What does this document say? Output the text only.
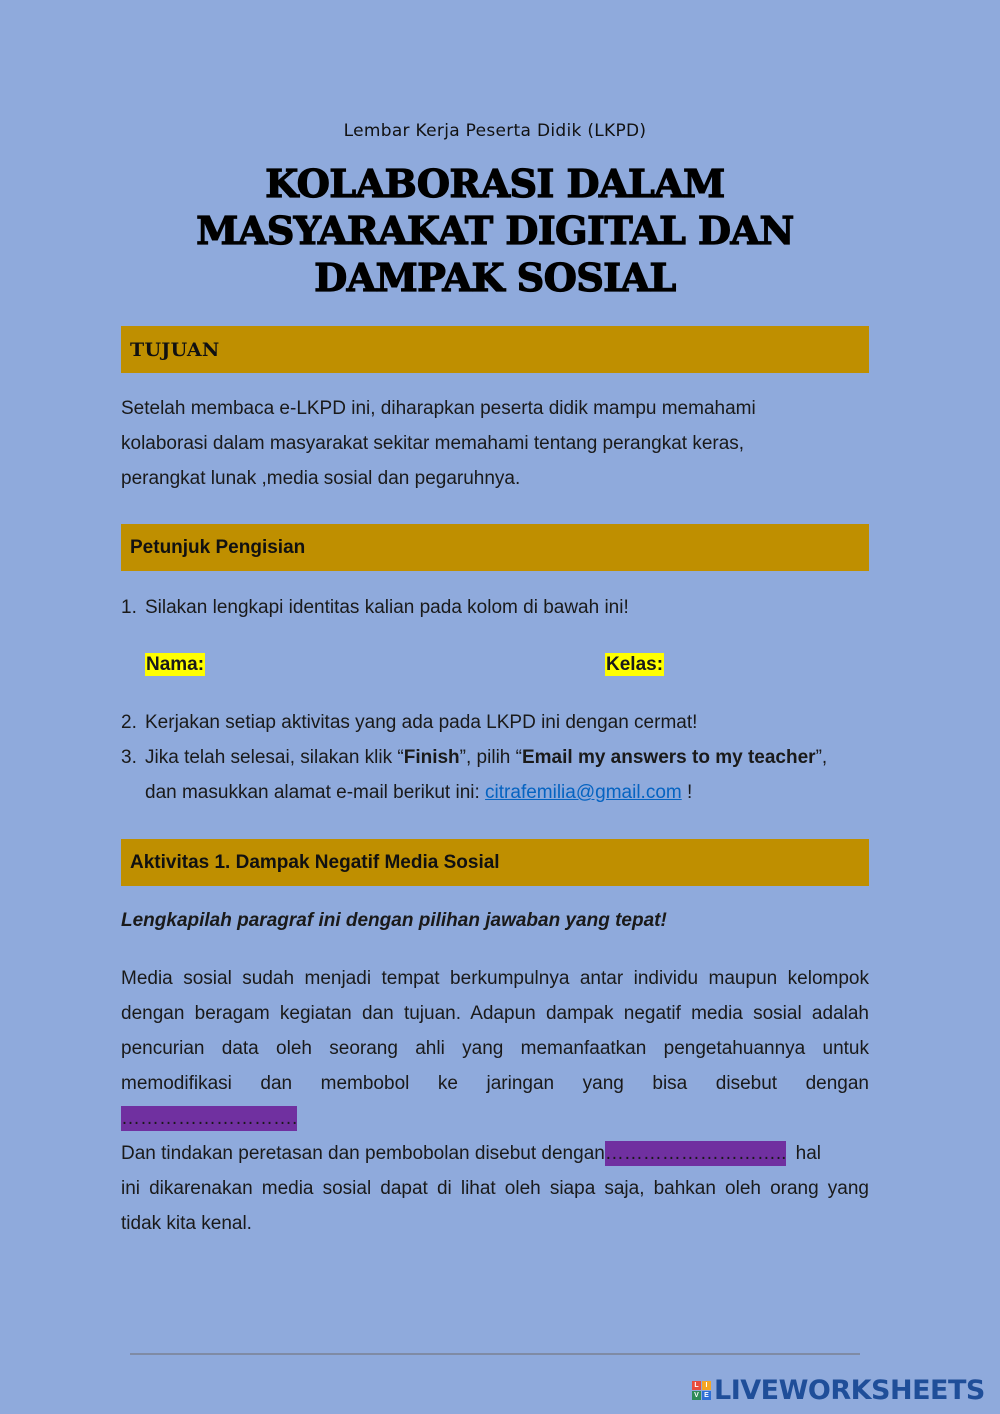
Lembar Kerja Peserta Didik (LKPD)
KOLABORASI DALAM
MASYARAKAT DIGITAL DAN
DAMPAK SOSIAL
TUJUAN

Setelah membaca e-LKPD ini, diharapkan peserta didik mampu memahami

kolaborasi dalam masyarakat sekitar memahami tentang perangkat keras,

perangkat lunak ,media sosial dan pegaruhnya.

Petunjuk Pengisian
1. Silakan lengkapi identitas kalian pada kolom di bawah ini!
Nama:	Kelas:
2. Kerjakan setiap aktivitas yang ada pada LKPD ini dengan cermat!
3. Jika telah selesai, silakan klik “Finish”, pilih “Email my answers to my teacher”,
dan masukkan alamat e-mail berikut ini: citrafemilia@gmail.com !
Aktivitas 1. Dampak Negatif Media Sosial
Lengkapilah paragraf ini dengan pilihan jawaban yang tepat!

Media sosial sudah menjadi tempat berkumpulnya antar individu maupun kelompok

dengan beragam kegiatan dan tujuan. Adapun dampak negatif media sosial adalah

pencurian data oleh seorang ahli yang memanfaatkan pengetahuannya untuk

memodifikasi dan membobol ke jaringan yang bisa disebut dengan

……………………….

Dan tindakan peretasan dan pembobolan disebut dengan……………………….. hal

ini dikarenakan media sosial dapat di lihat oleh siapa saja, bahkan oleh orang yang

tidak kita kenal.

L I
V E LIVEWORKSHEETS
